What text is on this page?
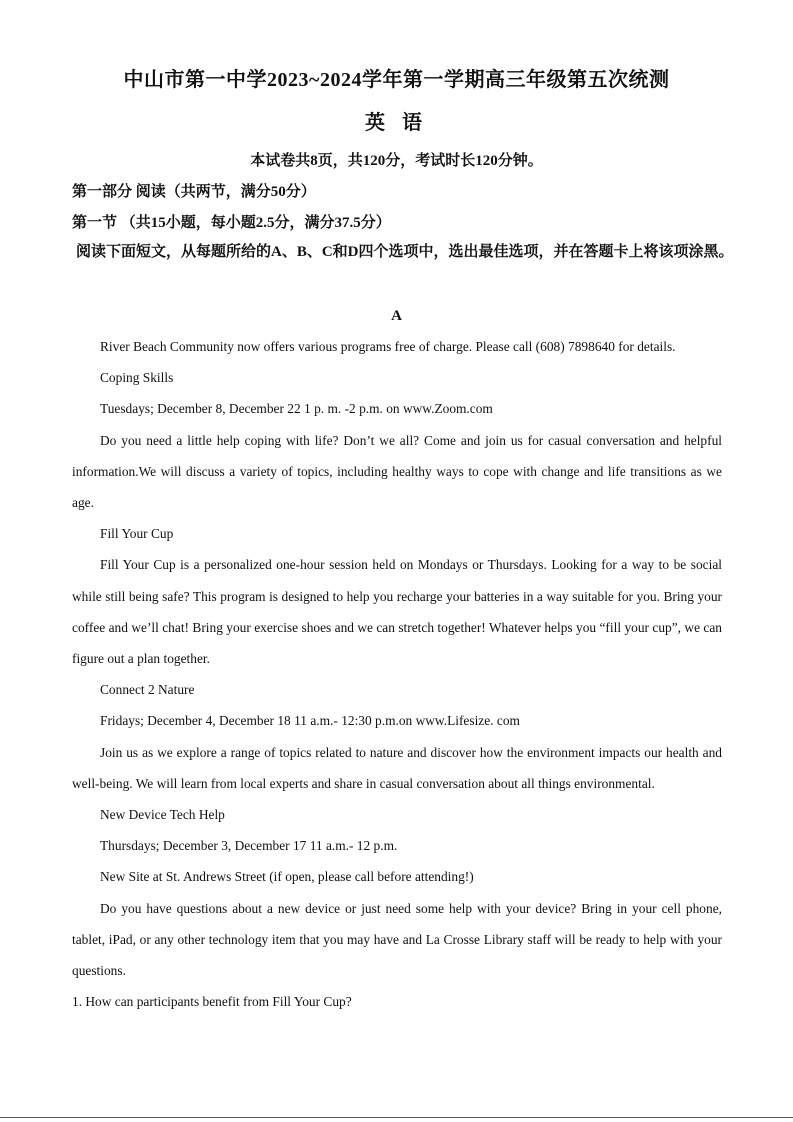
中山市第一中学2023~2024学年第一学期高三年级第五次统测
英 语
本试卷共8页，共120分，考试时长120分钟。
第一部分 阅读（共两节，满分50分）
第一节 （共15小题，每小题2.5分，满分37.5分）
阅读下面短文，从每题所给的A、B、C和D四个选项中，选出最佳选项，并在答题卡上将该项涂黑。
A

River Beach Community now offers various programs free of charge. Please call (608) 7898640 for details.

Coping Skills

Tuesdays; December 8, December 22 1 p. m. -2 p.m. on www.Zoom.com

Do you need a little help coping with life? Don’t we all? Come and join us for casual conversation and helpful information.We will discuss a variety of topics, including healthy ways to cope with change and life transitions as we age.

Fill Your Cup

Fill Your Cup is a personalized one-hour session held on Mondays or Thursdays. Looking for a way to be social while still being safe? This program is designed to help you recharge your batteries in a way suitable for you. Bring your coffee and we’ll chat! Bring your exercise shoes and we can stretch together! Whatever helps you “fill your cup”, we can figure out a plan together.

Connect 2 Nature

Fridays; December 4, December 18 11 a.m.- 12:30 p.m.on www.Lifesize. com

Join us as we explore a range of topics related to nature and discover how the environment impacts our health and well-being. We will learn from local experts and share in casual conversation about all things environmental.

New Device Tech Help

Thursdays; December 3, December 17 11 a.m.- 12 p.m.

New Site at St. Andrews Street (if open, please call before attending!)

Do you have questions about a new device or just need some help with your device? Bring in your cell phone, tablet, iPad, or any other technology item that you may have and La Crosse Library staff will be ready to help with your questions.

1. How can participants benefit from Fill Your Cup?
